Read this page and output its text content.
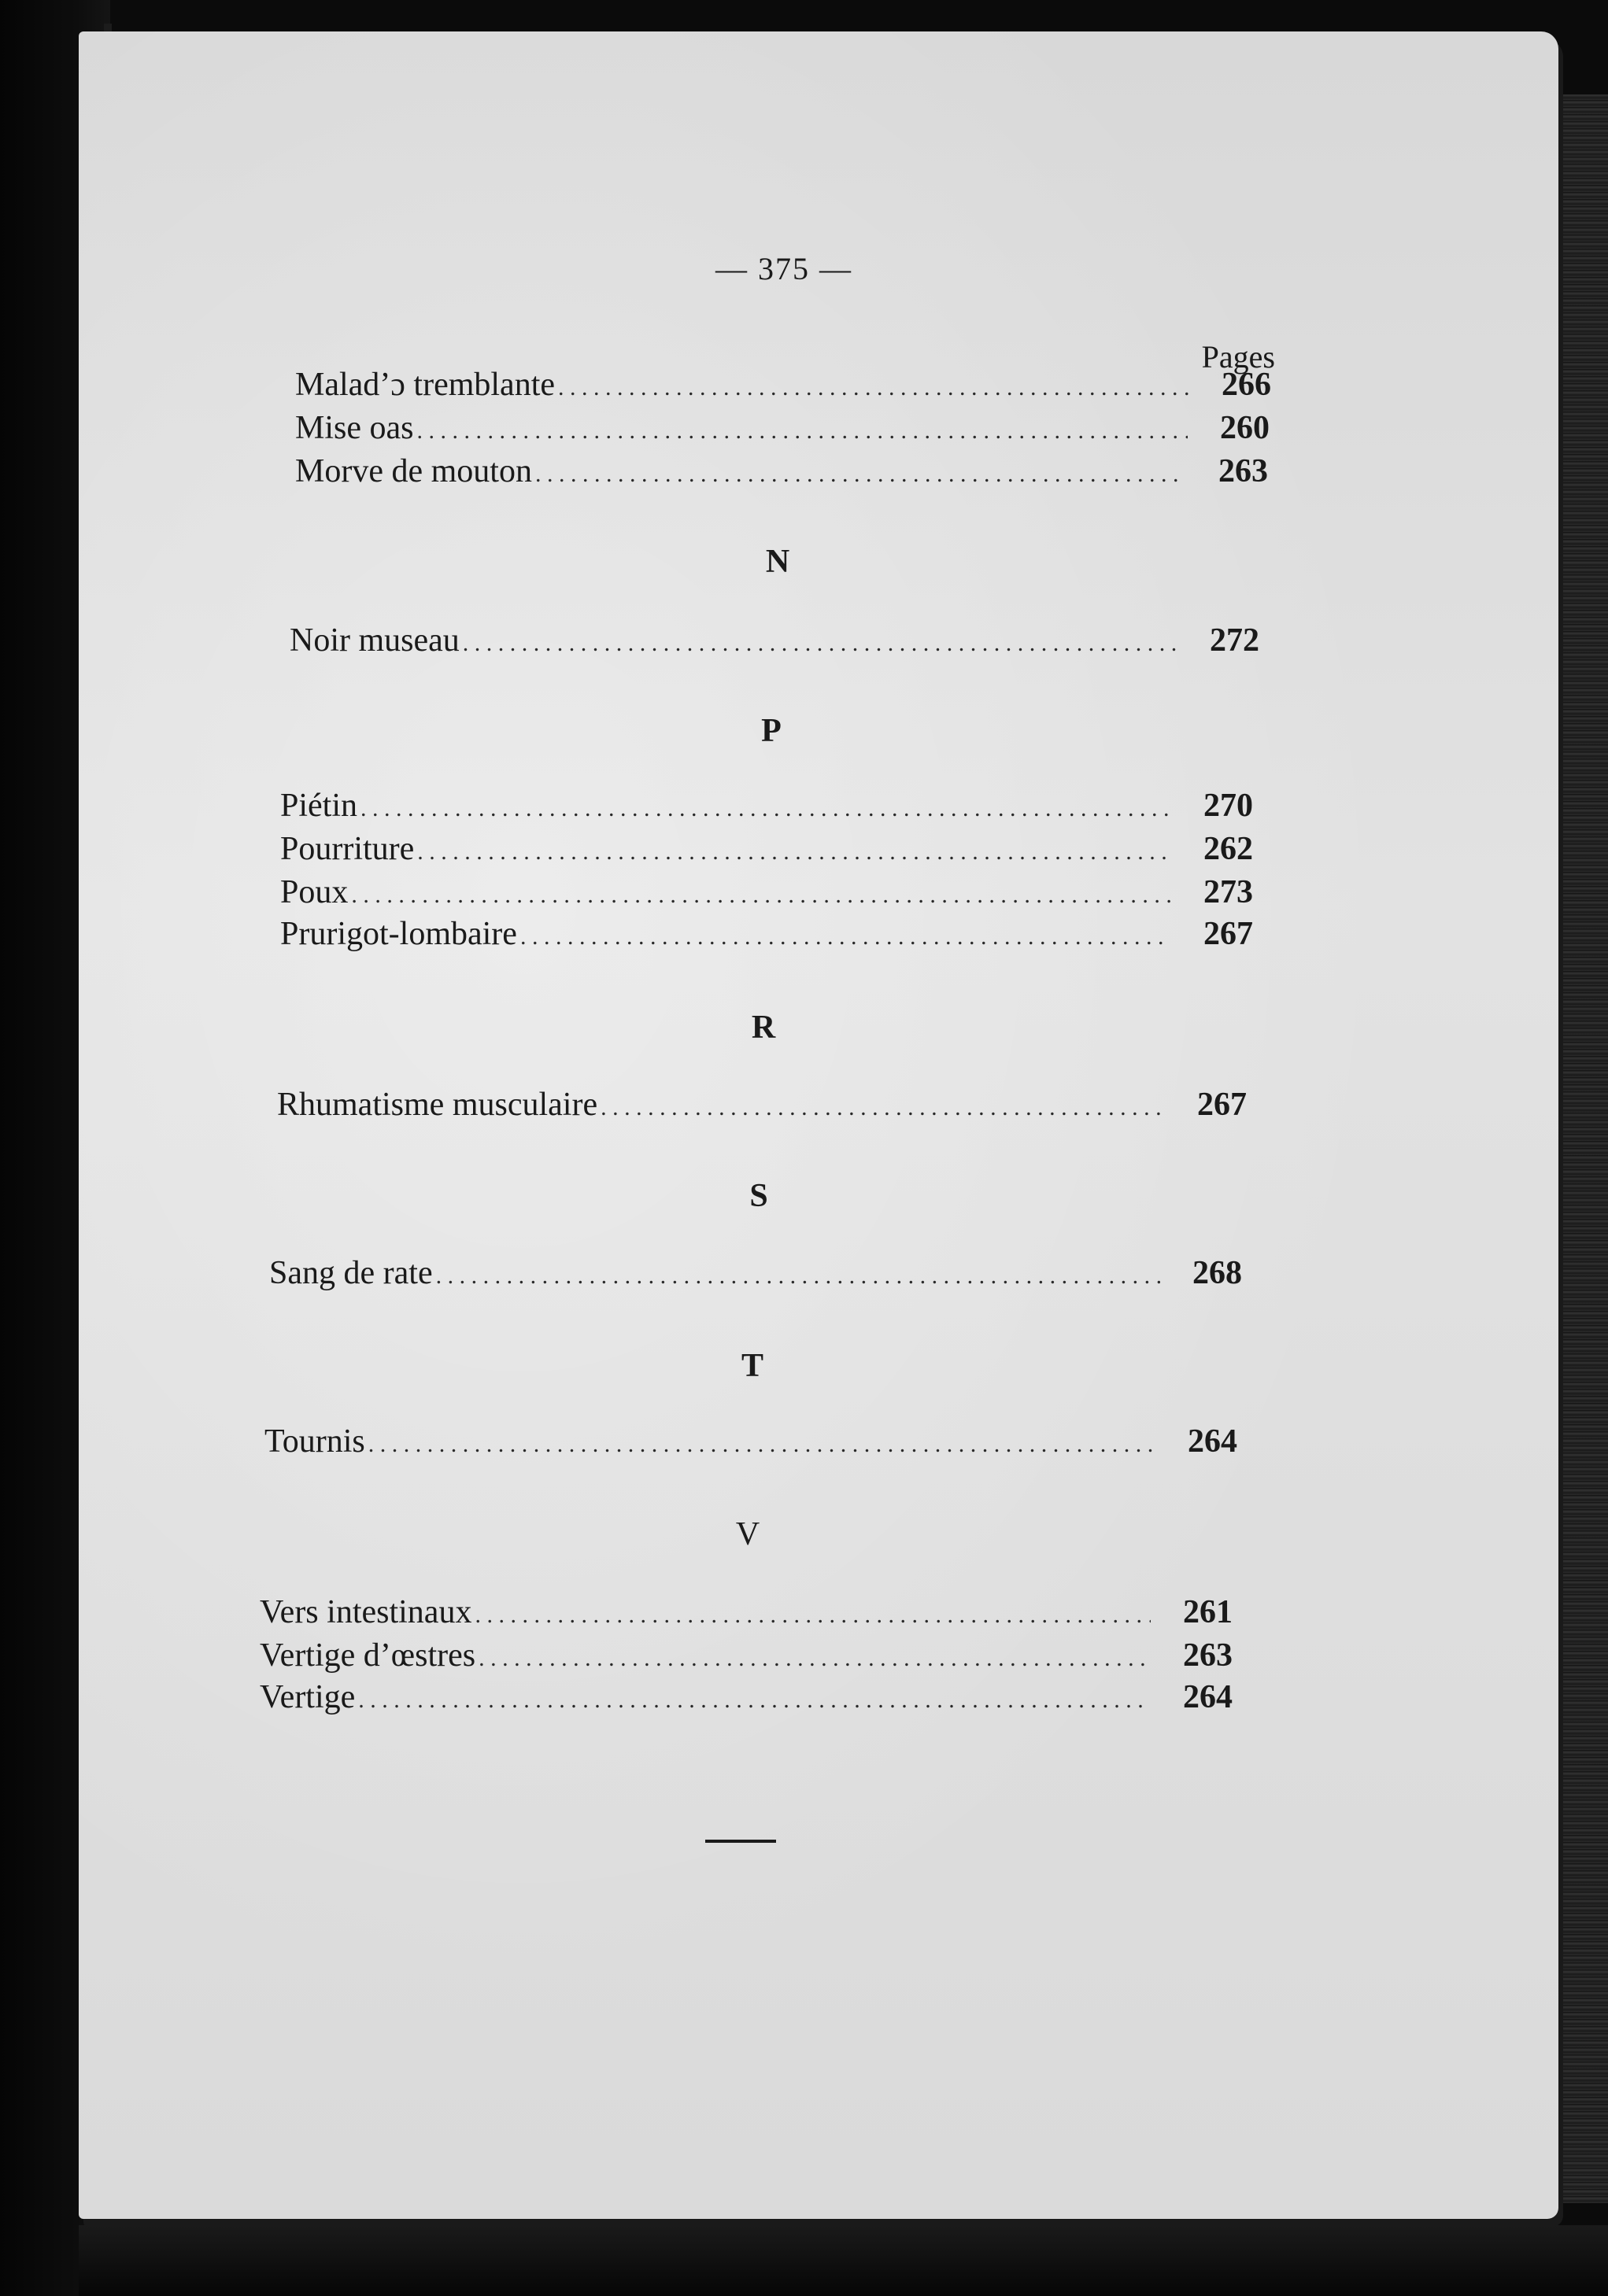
— 375 —
Pages
Malad’ɔ tremblante . . .	266
Mise oas . . .	260
Morve de mouton . . .	263
N
Noir museau . . .	272
P
Piétin . . .	270
Pourriture . . .	262
Poux . . .	273
Prurigot-lombaire . . .	267
R
Rhumatisme musculaire . . .	267
S
Sang de rate . . .	268
T
Tournis . . .	264
V
Vers intestinaux . . .	261
Vertige d’œstres . . .	263
Vertige . . .	264
